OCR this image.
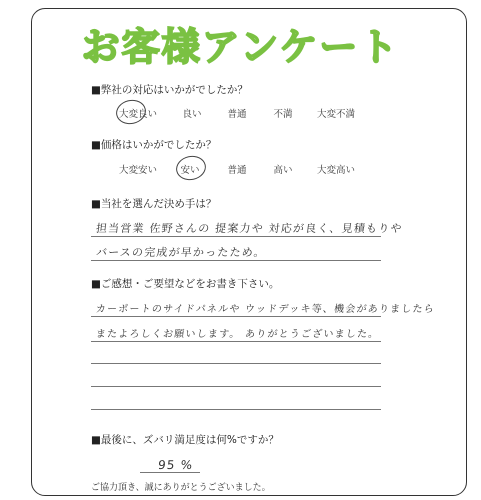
お客様アンケート
■弊社の対応はいかがでしたか？
大変良い	良い	普通	不満	大変不満
■価格はいかがでしたか？
大変安い 安い	普通	高い	大変高い
■当社を選んだ決め手は？
担当営業 佐野さんの 提案力や 対応が良く、見積もりや
バースの完成が早かったため。
■ご感想・ご要望などをお書き下さい。
カーポートのサイドパネルや ウッドデッキ等、機会がありましたら
またよろしくお願いします。 ありがとうございました。
■最後に、ズバリ満足度は何%ですか？
95 %
ご協力頂き、誠にありがとうございました。
